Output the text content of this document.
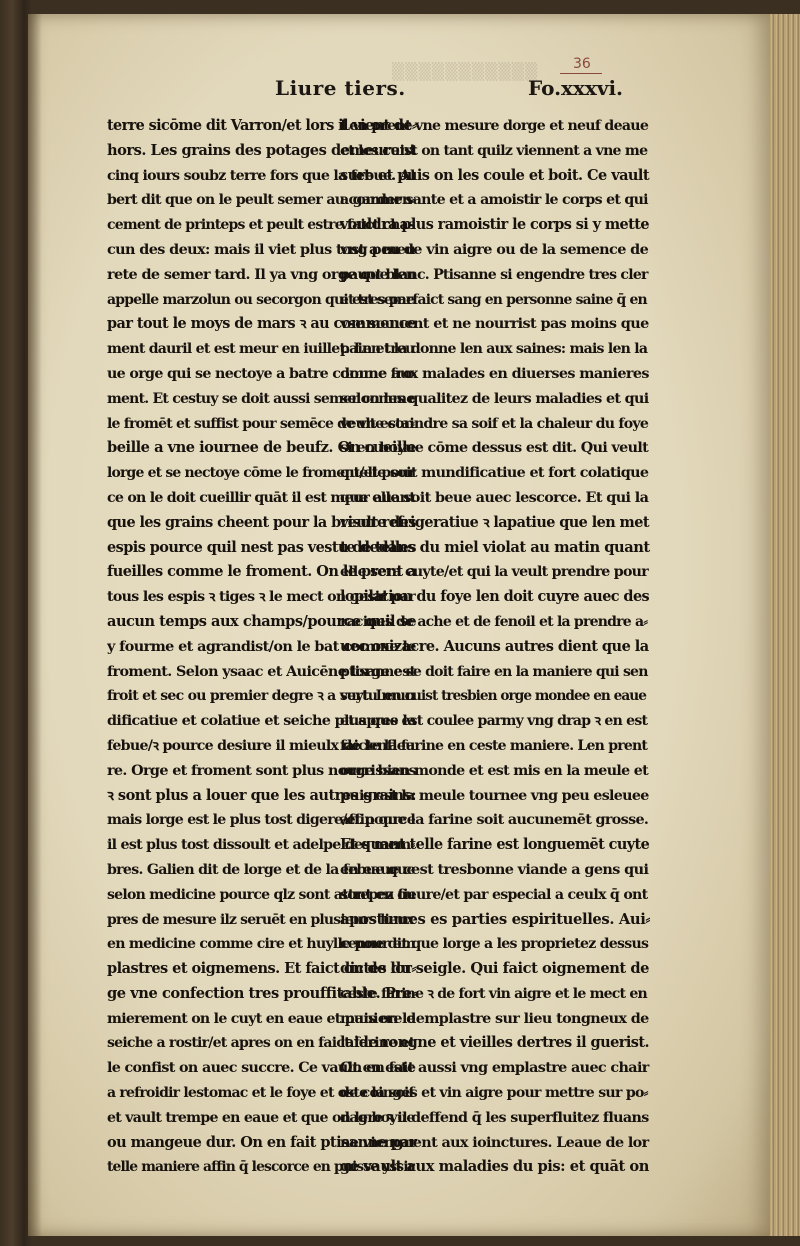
▒▒▒▒▒▒▒▒▒▒▒
Liure tiers.
36
Fo.xxxvi.
terre sicōme dit Varron/et lors il vient de⸗
hors. Les grains des potages demeurent
cinq iours soubz terre fors que la febue. Al
bert dit que on le peult semer au commen⸗
cement de printeps et peult estre faict chas
cun des deux: mais il viet plus tost a meu
rete de semer tard. Il ya vng orge que len
appelle marzolun ou secorgon qui est seme
par tout le moys de mars ꝛ au commence
ment dauril et est meur en iuillet. Len treu
ue orge qui se nectoye a batre comme fro⸗
ment. Et cestuy se doit aussi semer comme
le fromēt et suffist pour semēce de vne cor⸗
beille a vne iournee de beufz. On cueille
lorge et se nectoye cōme le froment/et pour
ce on le doit cueillir quāt il est meur auant
que les grains cheent pour la brisure des
espis pource quil nest pas vestu de telles
fueilles comme le froment. On le prent a
tous les espis ꝛ tiges ꝛ le mect on gesir par
aucun temps aux champs/pource quil se
y fourme et agrandist/on le bat comme le
froment. Selon ysaac et Auicēne lorge est
froit et sec ou premier degre ꝛ a vertu mun
dificatiue et colatiue et seiche plus que la
febue/ꝛ pource desiure il mieulx de lenfleu
re. Orge et froment sont plus nourrissans
ꝛ sont plus a louer que les autres grains:
mais lorge est le plus tost digere/et pource
il est plus tost dissoult et adelpe des mem⸗
bres. Galien dit de lorge et de la febue que
selon medicine pource qlz sont attrepez ou
pres de mesure ilz seruēt en plusieurs lieux
en medicine comme cire et huylle pour em
plastres et oignemens. Et faict on de lor⸗
ge vne confection tres prouffitable. Pre⸗
mierement on le cuyt en eaue et puis on le
seiche a rostir/et apres on en faict farine et
le confist on auec succre. Ce vault en este
a refroidir lestomac et le foye et oste la soif
et vault trempe en eaue et que on le boyue
ou mangeue dur. On en fait ptisanne par
telle maniere affin q̄ lescorce en puisse yssir
Len prent vne mesure dorge et neuf deaue
et les cuist on tant quilz viennent a vne me
sure et puis on les coule et boit. Ce vault
a garder sante et a amoistir le corps et qui
vouldra plus ramoistir le corps si y mette
vng peu de vin aigre ou de la semence de
pauot blanc. Ptisanne si engendre tres cler
et tres parfaict sang en personne saine q̄ en
vse souuent et ne nourrist pas moins que
pain et la donne len aux saines: mais len la
donne aux malades en diuerses manieres
selon les qualitez de leurs maladies et qui
veult estaindre sa soif et la chaleur du foye
si en boyue cōme dessus est dit. Qui veult
quelle soit mundificatiue et fort colatique
que elle soit beue auec lescorce. Et qui la
veult refrigeratiue ꝛ lapatiue que len met
te dedans du miel violat au matin quant
elle sera cuyte/et qui la veult prendre pour
lopilation du foye len doit cuyre auec des
racines de ache et de fenoil et la prendre a⸗
uec oxizacre. Aucuns autres dient que la
ptisanne se doit faire en la maniere qui sen
suyt. Len cuist tresbien orge mondee en eaue
et apres est coulee parmy vng drap ꝛ en est
faicte la farine en ceste maniere. Len prent
orge bien monde et est mis en la meule et
puis est la meule tournee vng peu esleuee
affin que la farine soit aucunemēt grosse.
Et quant telle farine est longuemēt cuyte
en eaue cest tresbonne viande a gens qui
sont en fieure/et par especial a ceulx q̄ ont
apostumes es parties espirituelles. Aui⸗
cenne dit que lorge a les proprietez dessus
dictes du seigle. Qui faict oignement de
ceste farine ꝛ de fort vin aigre et le mect en
maniere demplastre sur lieu tongneux de
laide rongne et vieilles dertres il guerist.
On en fait aussi vng emplastre auec chair
de coinges et vin aigre pour mettre sur po⸗
dagre ꝛ il deffend q̄ les superfluitez fluans
ne viengnent aux ioinctures. Leaue de lor
ge vault aux maladies du pis: et quāt on
